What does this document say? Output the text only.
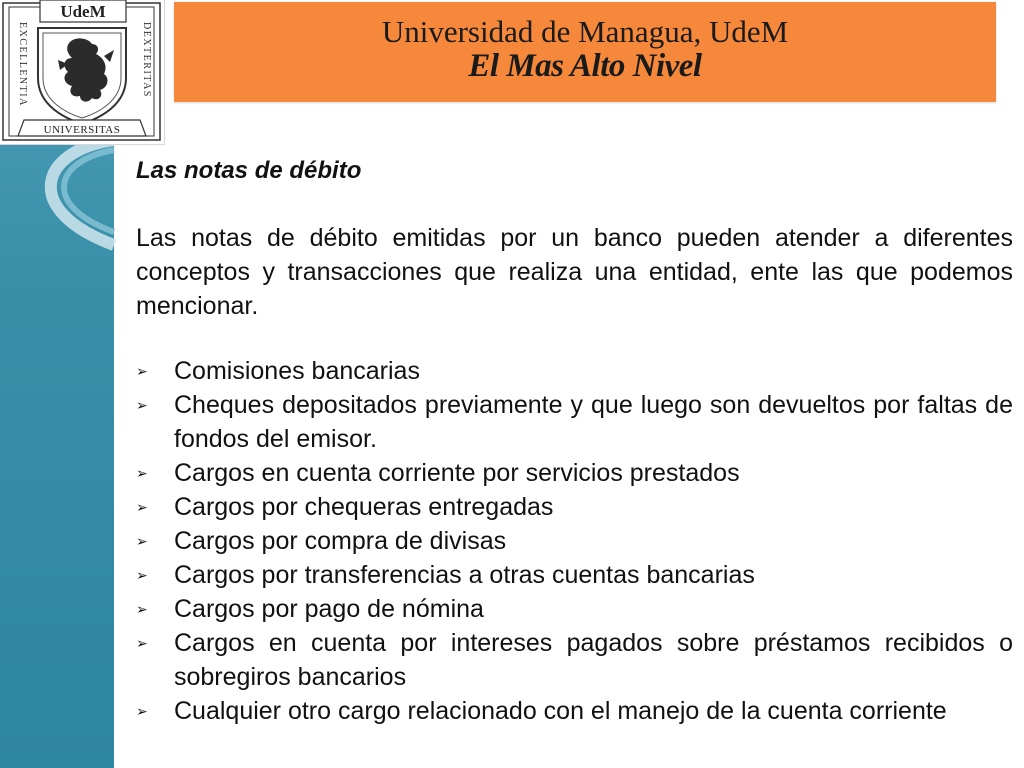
UdeM
EXCELLENTIA	DEXTERITAS
UNIVERSITAS
Universidad de Managua, UdeM
El Mas Alto Nivel

Las notas de débito

Las notas de débito emitidas por un banco pueden atender a diferentes conceptos y transacciones que realiza una entidad, ente las que podemos mencionar.

➢ Comisiones bancarias
➢ Cheques depositados previamente y que luego son devueltos por faltas de fondos del emisor.
➢ Cargos en cuenta corriente por servicios prestados
➢ Cargos por chequeras entregadas
➢ Cargos por compra de divisas
➢ Cargos por transferencias a otras cuentas bancarias
➢ Cargos por pago de nómina
➢ Cargos en cuenta por intereses pagados sobre préstamos recibidos o sobregiros bancarios
➢ Cualquier otro cargo relacionado con el manejo de la cuenta corriente
